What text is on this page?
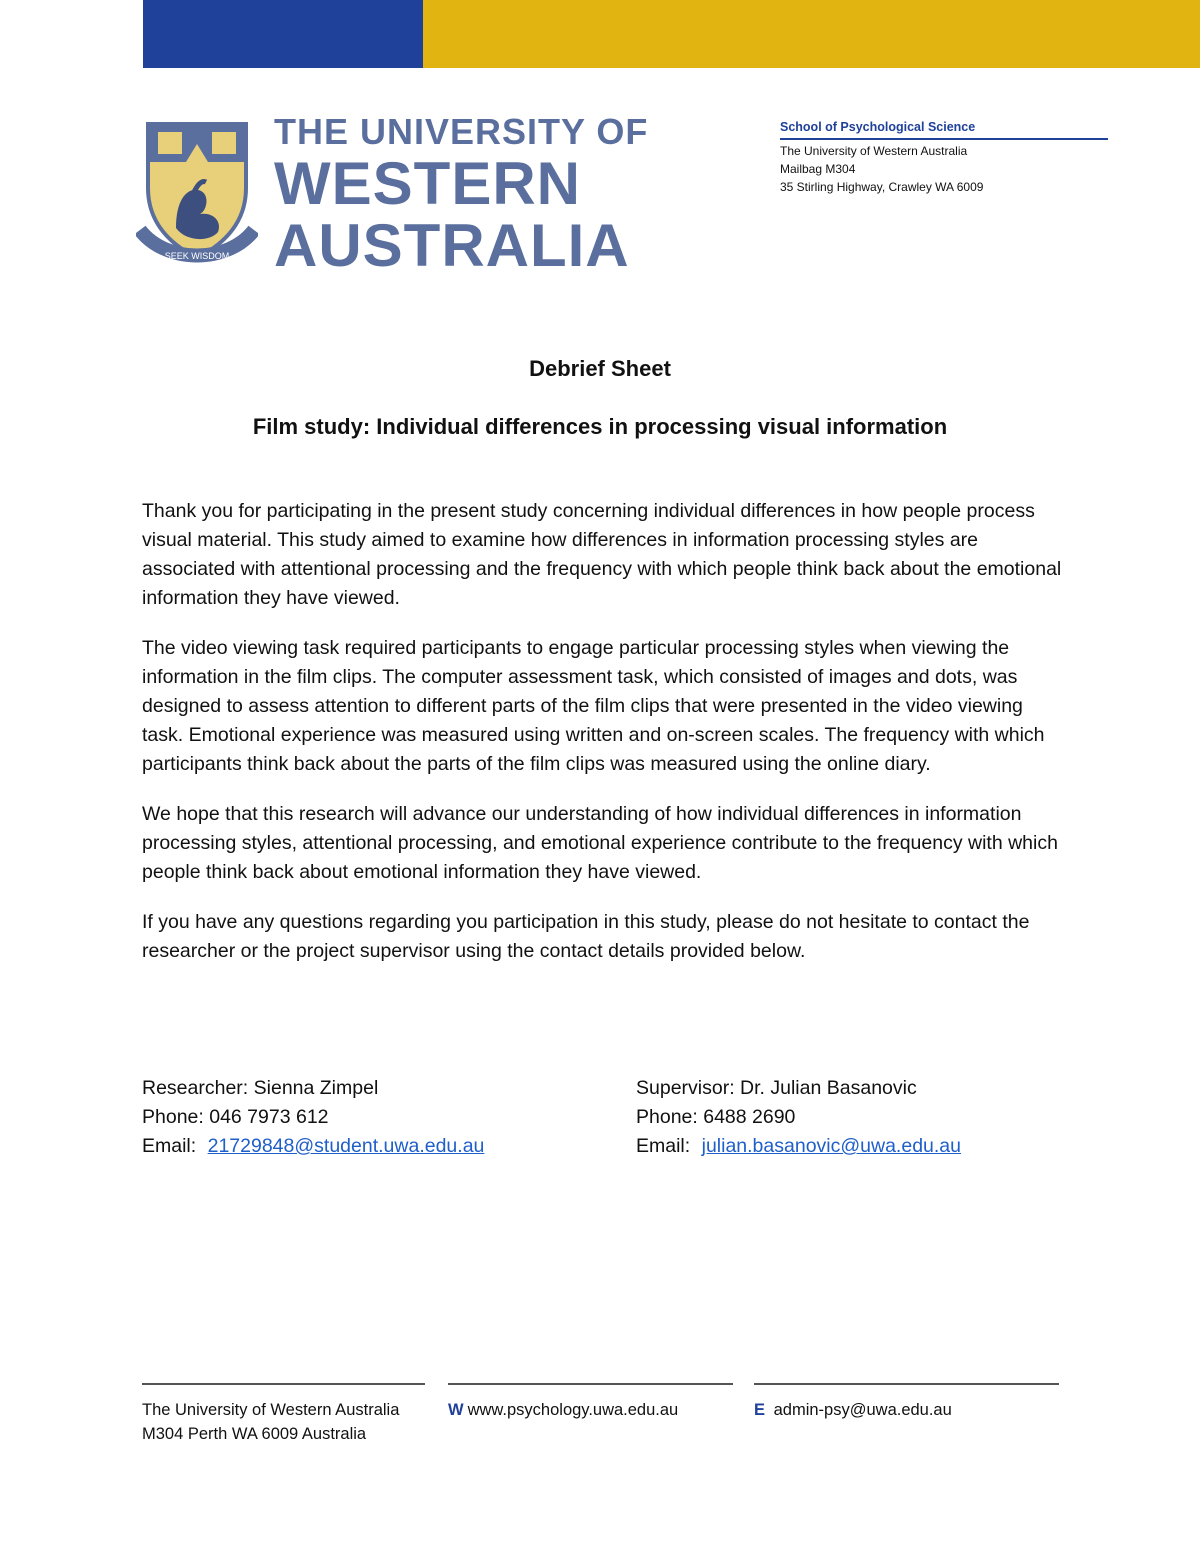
SEEK WISDOM
THE UNIVERSITY OF
WESTERN
AUSTRALIA
School of Psychological Science
The University of Western Australia
Mailbag M304
35 Stirling Highway, Crawley WA 6009
Debrief Sheet
Film study: Individual differences in processing visual information

Thank you for participating in the present study concerning individual differences in how people process visual material. This study aimed to examine how differences in information processing styles are associated with attentional processing and the frequency with which people think back about the emotional information they have viewed.

The video viewing task required participants to engage particular processing styles when viewing the information in the film clips. The computer assessment task, which consisted of images and dots, was designed to assess attention to different parts of the film clips that were presented in the video viewing task. Emotional experience was measured using written and on-screen scales. The frequency with which participants think back about the parts of the film clips was measured using the online diary.

We hope that this research will advance our understanding of how individual differences in information processing styles, attentional processing, and emotional experience contribute to the frequency with which people think back about emotional information they have viewed.

If you have any questions regarding you participation in this study, please do not hesitate to contact the researcher or the project supervisor using the contact details provided below.

Researcher: Sienna Zimpel
Phone: 046 7973 612
Email: 21729848@student.uwa.edu.au
Supervisor: Dr. Julian Basanovic
Phone: 6488 2690
Email: julian.basanovic@uwa.edu.au
The University of Western Australia
M304 Perth WA 6009 Australia
W www.psychology.uwa.edu.au	E admin-psy@uwa.edu.au
